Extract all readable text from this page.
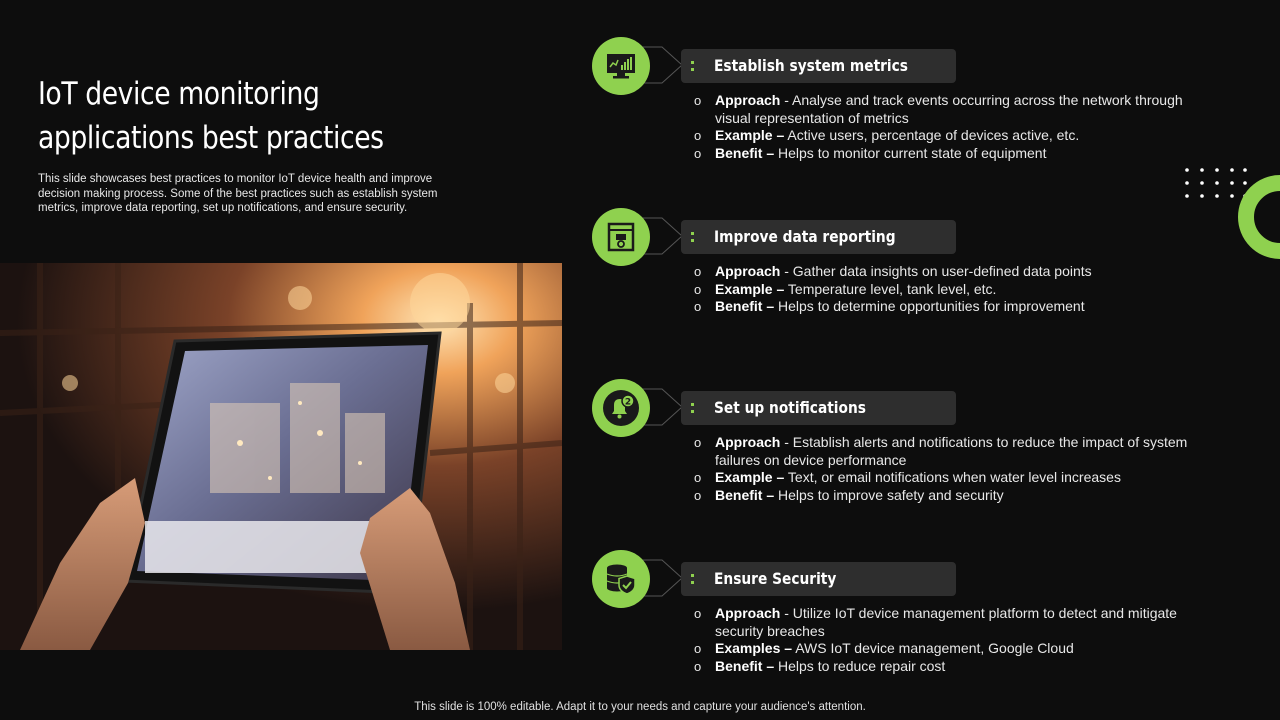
IoT device monitoring applications best practices
This slide showcases best practices to monitor IoT device health and improve decision making process. Some of the best practices such as establish system metrics, improve data reporting, set up notifications, and ensure security.
Establish system metrics
o Approach - Analyse and track events occurring across the network through visual representation of metrics
o Example – Active users, percentage of devices active, etc.
o Benefit – Helps to monitor current state of equipment
Improve data reporting
o Approach - Gather data insights on user-defined data points
o Example – Temperature level, tank level, etc.
o Benefit – Helps to determine opportunities for improvement
2	Set up notifications
o Approach - Establish alerts and notifications to reduce the impact of system failures on device performance
o Example – Text, or email notifications when water level increases
o Benefit – Helps to improve safety and security
Ensure Security
o Approach - Utilize IoT device management platform to detect and mitigate security breaches
o Examples – AWS IoT device management, Google Cloud
o Benefit – Helps to reduce repair cost
This slide is 100% editable. Adapt it to your needs and capture your audience's attention.
